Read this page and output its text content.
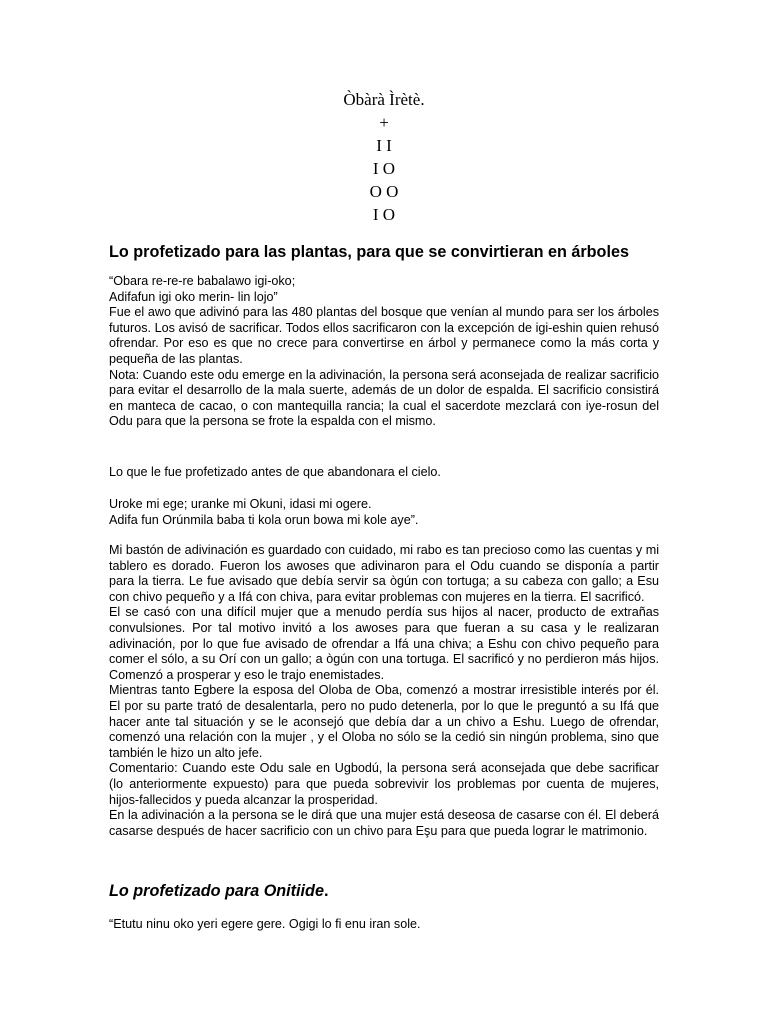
Òbàrà Ìrètè.
+
I I
I O
O O
I O
Lo profetizado para las plantas, para que se convirtieran en árboles

“Obara re-re-re babalawo igi-oko;

Adifafun igi oko merin- lin lojo”

Fue el awo que adivinó para las 480 plantas del bosque que venían al mundo para ser los árboles futuros. Los avisó de sacrificar. Todos ellos sacrificaron con la excepción de igi-eshin quien rehusó ofrendar. Por eso es que no crece para convertirse en árbol y permanece como la más corta y pequeña de las plantas.

Nota: Cuando este odu emerge en la adivinación, la persona será aconsejada de realizar sacrificio para evitar el desarrollo de la mala suerte, además de un dolor de espalda. El sacrificio consistirá en manteca de cacao, o con mantequilla rancia; la cual el sacerdote mezclará con iye-rosun del Odu para que la persona se frote la espalda con el mismo.

Lo que le fue profetizado antes de que abandonara el cielo.

Uroke mi ege; uranke mi Okuni, idasi mi ogere.

Adifa fun Orúnmila baba ti kola orun bowa mi kole aye”.

Mi bastón de adivinación es guardado con cuidado, mi rabo es tan precioso como las cuentas y mi tablero es dorado. Fueron los awoses que adivinaron para el Odu cuando se disponía a partir para la tierra. Le fue avisado que debía servir sa ògún con tortuga; a su cabeza con gallo; a Esu con chivo pequeño y a Ifá con chiva, para evitar problemas con mujeres en la tierra. El sacrificó.

El se casó con una difícil mujer que a menudo perdía sus hijos al nacer, producto de extrañas convulsiones. Por tal motivo invitó a los awoses para que fueran a su casa y le realizaran adivinación, por lo que fue avisado de ofrendar a Ifá una chiva; a Eshu con chivo pequeño para comer el sólo, a su Orí con un gallo; a ògún con una tortuga. El sacrificó y no perdieron más hijos. Comenzó a prosperar y eso le trajo enemistades.

Mientras tanto Egbere la esposa del Oloba de Oba, comenzó a mostrar irresistible interés por él. El por su parte trató de desalentarla, pero no pudo detenerla, por lo que le preguntó a su Ifá que hacer ante tal situación y se le aconsejó que debía dar a un chivo a Eshu. Luego de ofrendar, comenzó una relación con la mujer , y el Oloba no sólo se la cedió sin ningún problema, sino que también le hizo un alto jefe.

Comentario: Cuando este Odu sale en Ugbodú, la persona será aconsejada que debe sacrificar (lo anteriormente expuesto) para que pueda sobrevivir los problemas por cuenta de mujeres, hijos-fallecidos y pueda alcanzar la prosperidad.

En la adivinación a la persona se le dirá que una mujer está deseosa de casarse con él. El deberá casarse después de hacer sacrificio con un chivo para Eşu para que pueda lograr le matrimonio.

Lo profetizado para Onitiide.

“Etutu ninu oko yeri egere gere. Ogigi lo fi enu iran sole.
